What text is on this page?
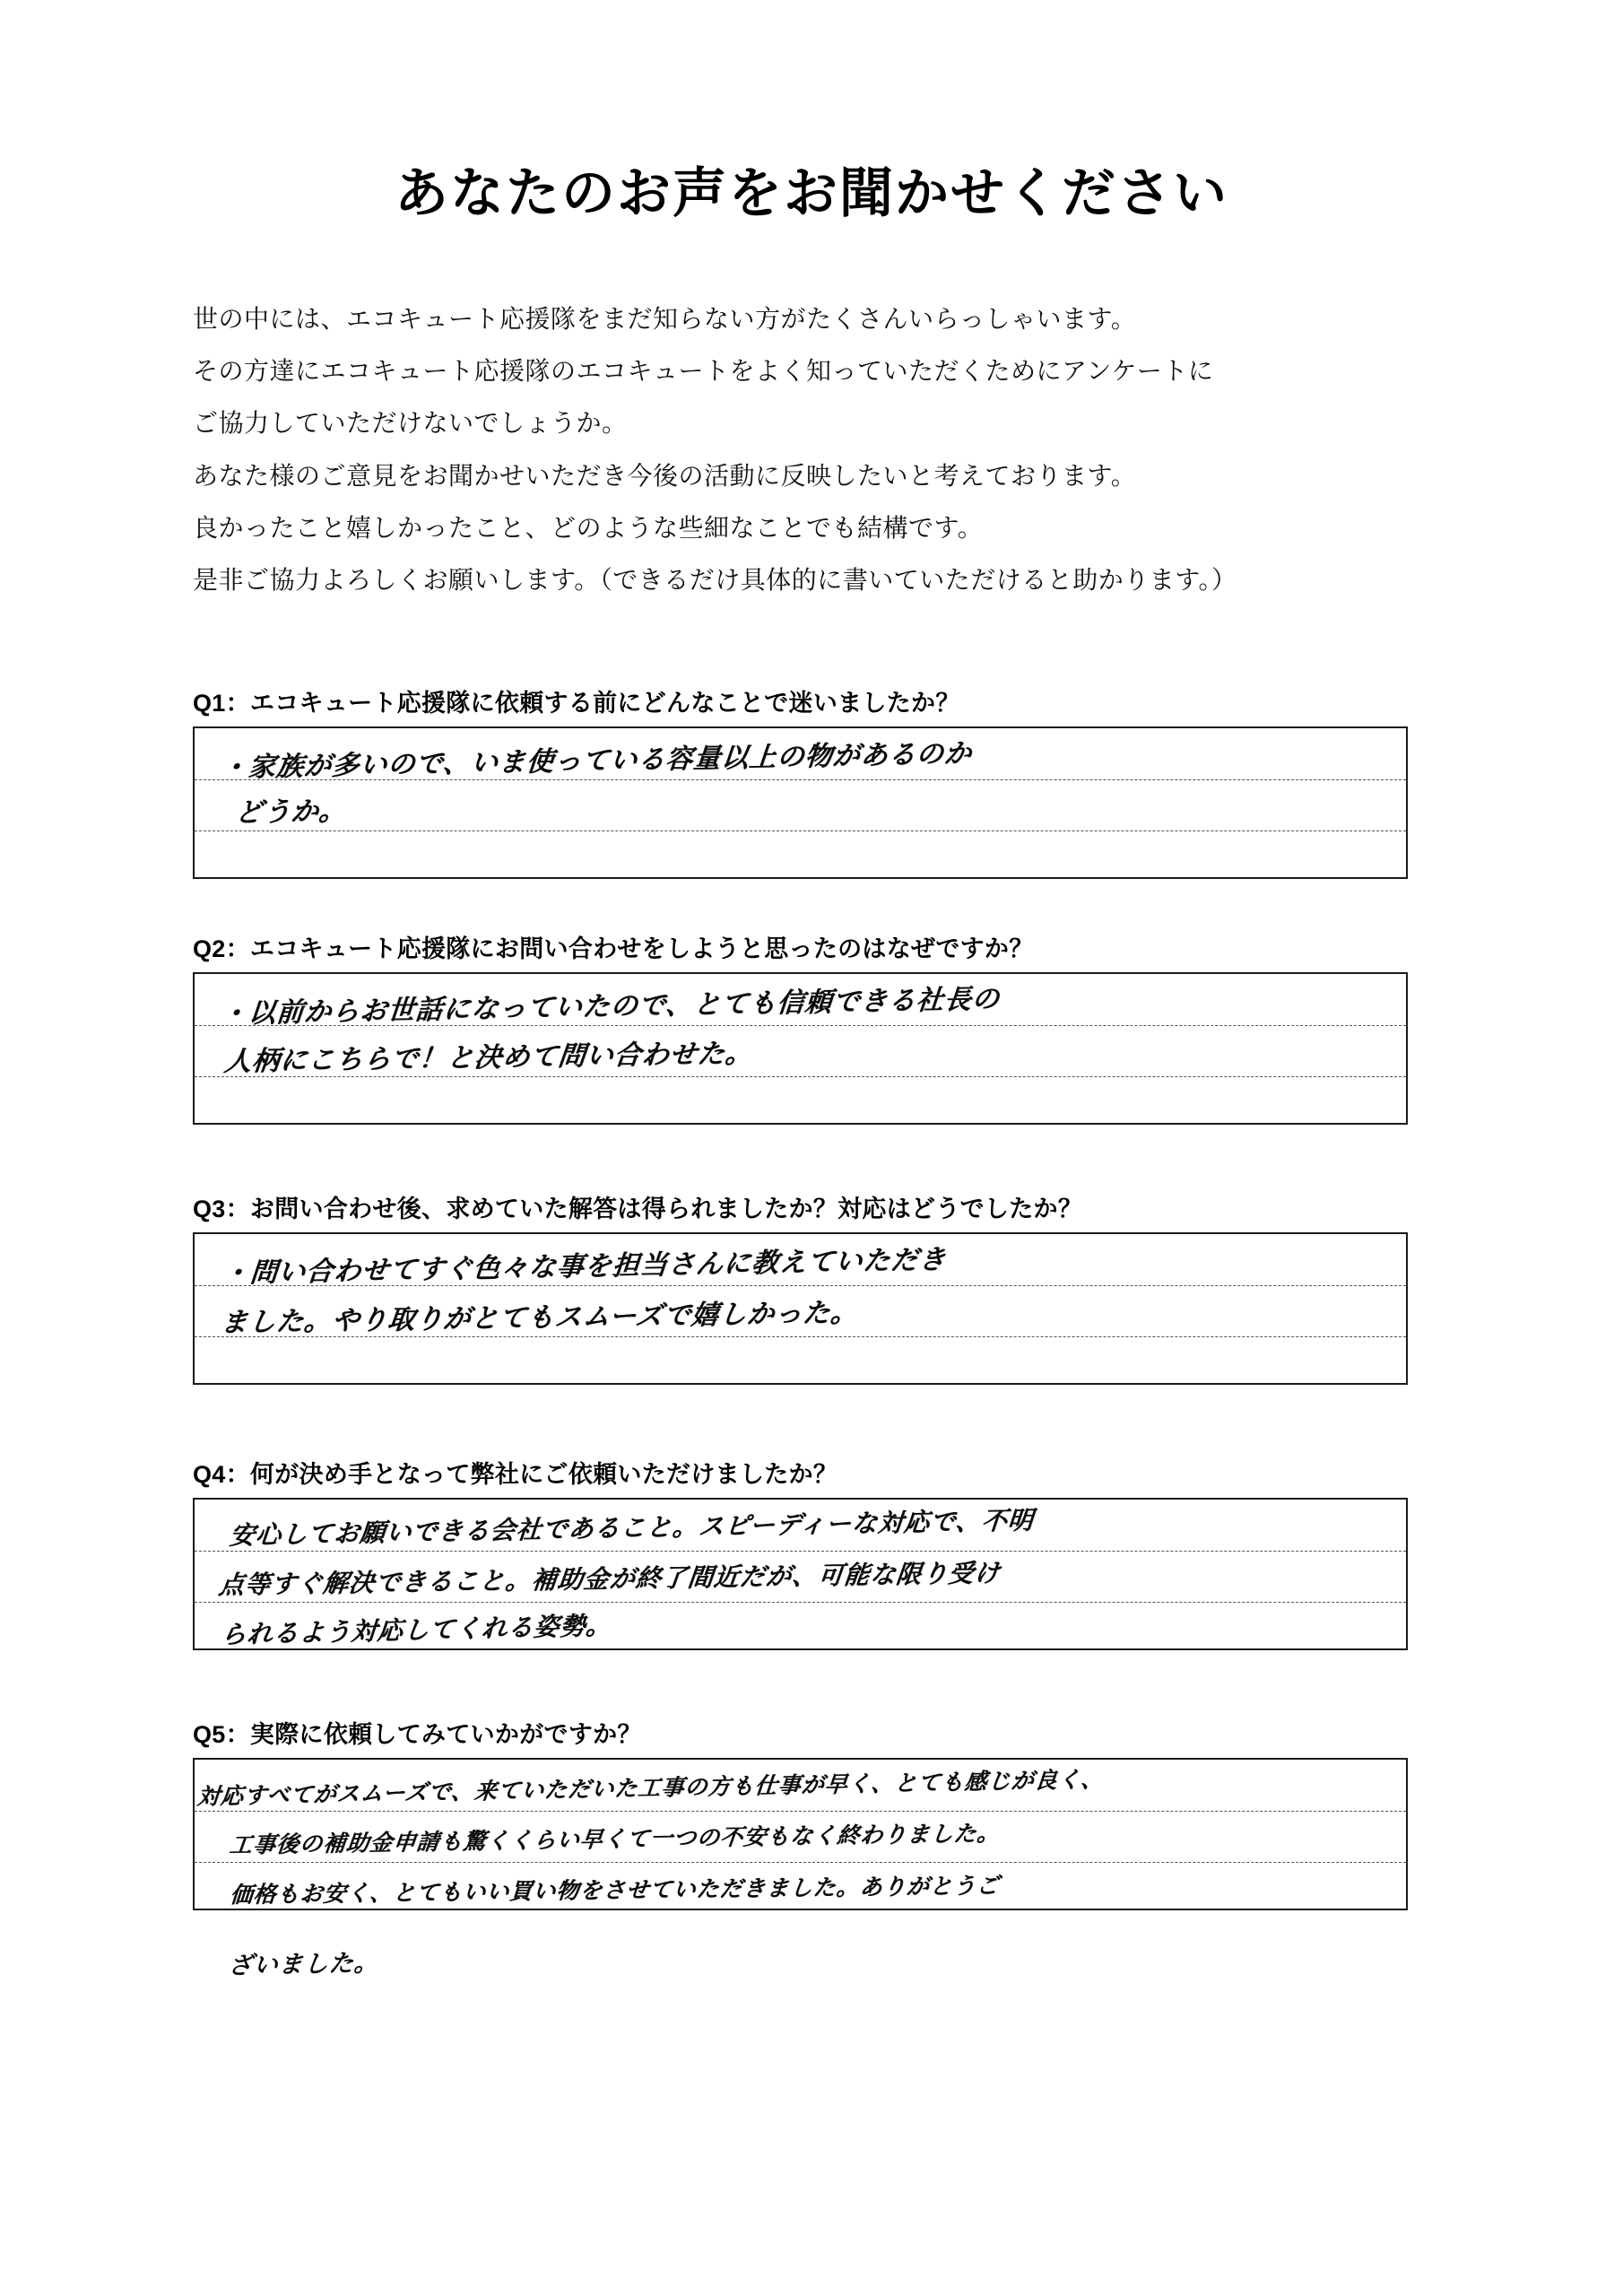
あなたのお声をお聞かせください

世の中には、エコキュート応援隊をまだ知らない方がたくさんいらっしゃいます。

その方達にエコキュート応援隊のエコキュートをよく知っていただくためにアンケートに

ご協力していただけないでしょうか。

あなた様のご意見をお聞かせいただき今後の活動に反映したいと考えております。

良かったこと嬉しかったこと、どのような些細なことでも結構です。

是非ご協力よろしくお願いします。（できるだけ具体的に書いていただけると助かります。）

Q1：エコキュート応援隊に依頼する前にどんなことで迷いましたか？
・家族が多いので、いま使っている容量以上の物があるのか
どうか。
Q2：エコキュート応援隊にお問い合わせをしようと思ったのはなぜですか？
・以前からお世話になっていたので、とても信頼できる社長の
人柄にこちらで！と決めて問い合わせた。
Q3：お問い合わせ後、求めていた解答は得られましたか？対応はどうでしたか？
・問い合わせてすぐ色々な事を担当さんに教えていただき
ました。やり取りがとてもスムーズで嬉しかった。
Q4：何が決め手となって弊社にご依頼いただけましたか？
安心してお願いできる会社であること。スピーディーな対応で、不明
点等すぐ解決できること。補助金が終了間近だが、可能な限り受け
られるよう対応してくれる姿勢。
Q5：実際に依頼してみていかがですか？
対応すべてがスムーズで、来ていただいた工事の方も仕事が早く、とても感じが良く、
工事後の補助金申請も驚くくらい早くて一つの不安もなく終わりました。
価格もお安く、とてもいい買い物をさせていただきました。ありがとうご
ざいました。
